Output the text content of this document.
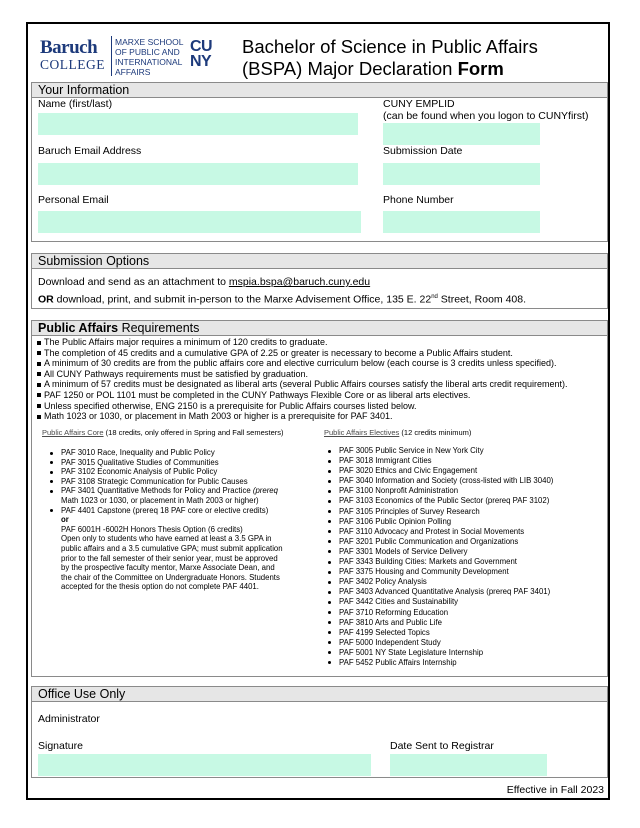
Baruch
COLLEGE
MARXE SCHOOL
OF PUBLIC AND
INTERNATIONAL
AFFAIRS
CU
NY
Bachelor of Science in Public Affairs
(BSPA) Major Declaration Form
Your Information
Name (first/last)	CUNY EMPLID
(can be found when you logon to CUNYfirst)
Baruch Email Address	Submission Date
Personal Email	Phone Number
Submission Options
Download and send as an attachment to mspia.bspa@baruch.cuny.edu
OR download, print, and submit in-person to the Marxe Advisement Office, 135 E. 22nd Street, Room 408.
Public Affairs Requirements
The Public Affairs major requires a minimum of 120 credits to graduate.
The completion of 45 credits and a cumulative GPA of 2.25 or greater is necessary to become a Public Affairs student.
A minimum of 30 credits are from the public affairs core and elective curriculum below (each course is 3 credits unless specified).
All CUNY Pathways requirements must be satisfied by graduation.
A minimum of 57 credits must be designated as liberal arts (several Public Affairs courses satisfy the liberal arts credit requirement).
PAF 1250 or POL 1101 must be completed in the CUNY Pathways Flexible Core or as liberal arts electives.
Unless specified otherwise, ENG 2150 is a prerequisite for Public Affairs courses listed below.
Math 1023 or 1030, or placement in Math 2003 or higher is a prerequisite for PAF 3401.
Public Affairs Core (18 credits, only offered in Spring and Fall semesters)	Public Affairs Electives (12 credits minimum)
PAF 3010 Race, Inequality and Public Policy
PAF 3015 Qualitative Studies of Communities
PAF 3102 Economic Analysis of Public Policy
PAF 3108 Strategic Communication for Public Causes
PAF 3401 Quantitative Methods for Policy and Practice (prereq
Math 1023 or 1030, or placement in Math 2003 or higher)
PAF 4401 Capstone (prereq 18 PAF core or elective credits)
or
PAF 6001H -6002H Honors Thesis Option (6 credits)
Open only to students who have earned at least a 3.5 GPA in
public affairs and a 3.5 cumulative GPA; must submit application
prior to the fall semester of their senior year, must be approved
by the prospective faculty mentor, Marxe Associate Dean, and
the chair of the Committee on Undergraduate Honors. Students
accepted for the thesis option do not complete PAF 4401.
PAF 3005 Public Service in New York City
PAF 3018 Immigrant Cities
PAF 3020 Ethics and Civic Engagement
PAF 3040 Information and Society (cross-listed with LIB 3040)
PAF 3100 Nonprofit Administration
PAF 3103 Economics of the Public Sector (prereq PAF 3102)
PAF 3105 Principles of Survey Research
PAF 3106 Public Opinion Polling
PAF 3110 Advocacy and Protest in Social Movements
PAF 3201 Public Communication and Organizations
PAF 3301 Models of Service Delivery
PAF 3343 Building Cities: Markets and Government
PAF 3375 Housing and Community Development
PAF 3402 Policy Analysis
PAF 3403 Advanced Quantitative Analysis (prereq PAF 3401)
PAF 3442 Cities and Sustainability
PAF 3710 Reforming Education
PAF 3810 Arts and Public Life
PAF 4199 Selected Topics
PAF 5000 Independent Study
PAF 5001 NY State Legislature Internship
PAF 5452 Public Affairs Internship
Office Use Only
Administrator
Signature	Date Sent to Registrar
Effective in Fall 2023
